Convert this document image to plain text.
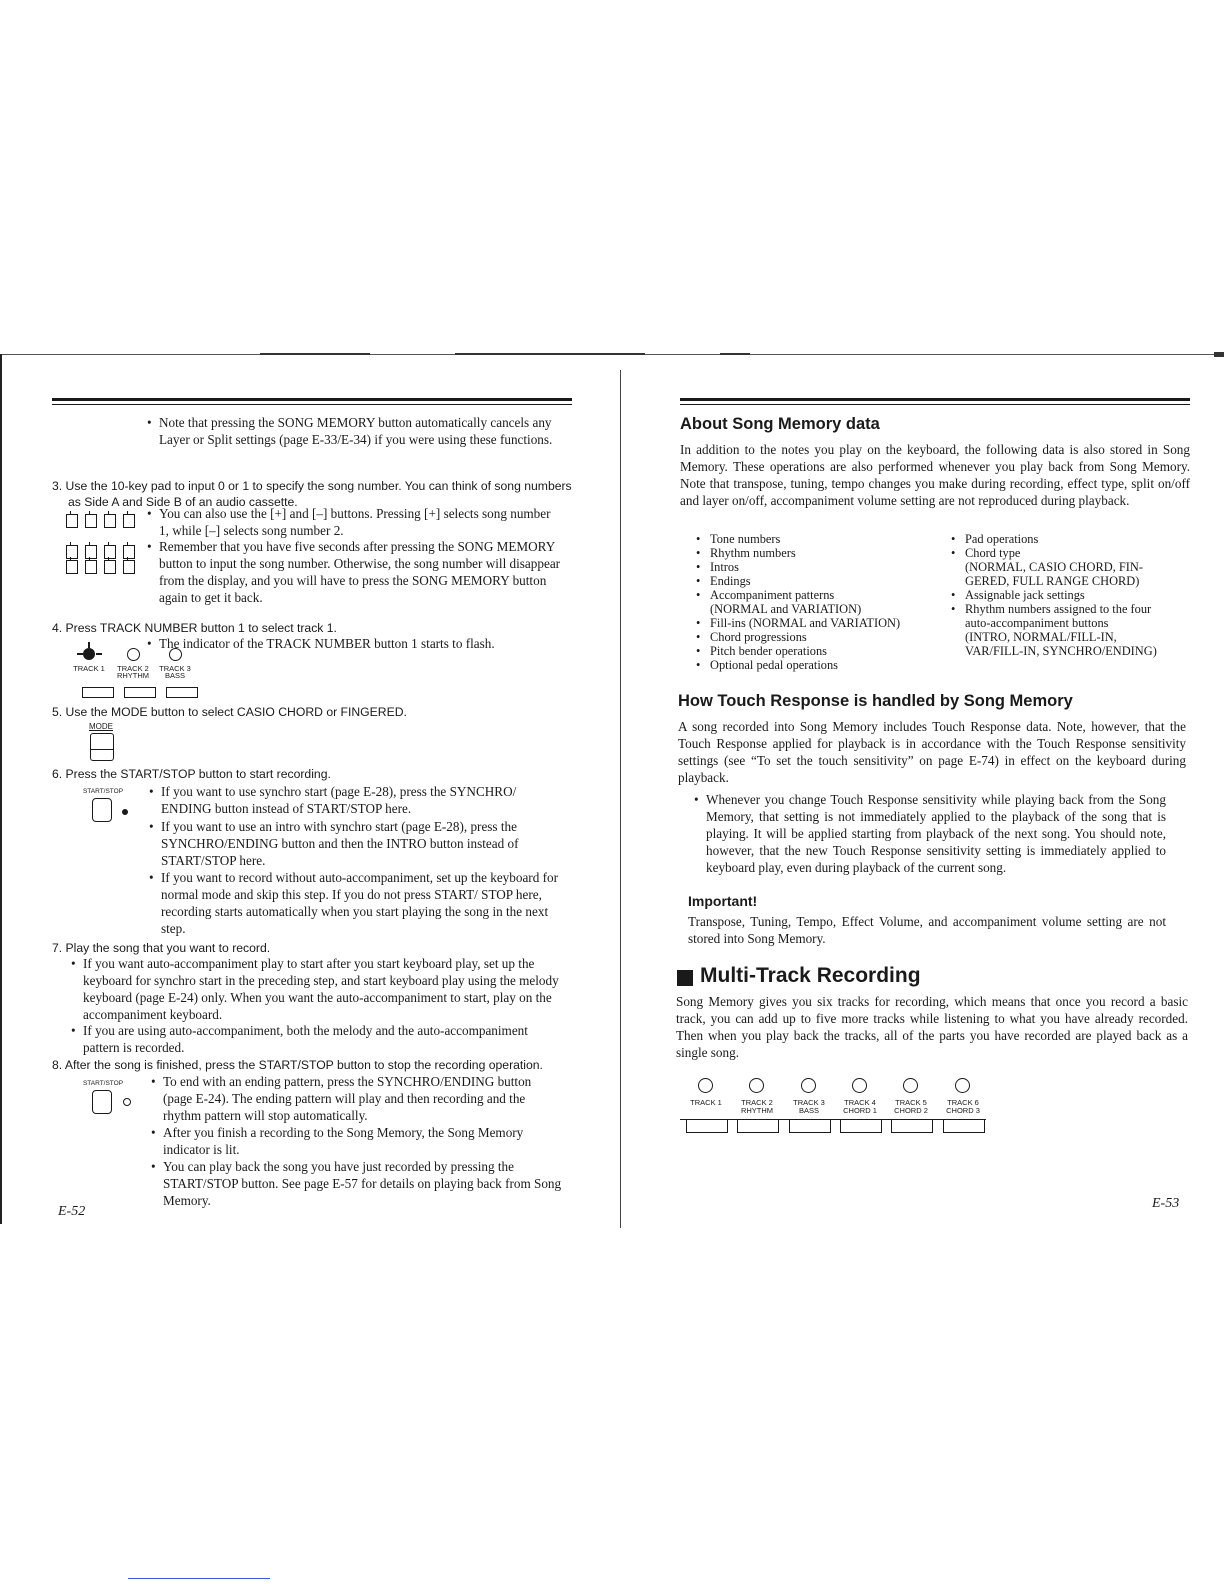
• Note that pressing the SONG MEMORY button automatically cancels any Layer or Split settings (page E-33/E-34) if you were using these functions.
3. Use the 10-key pad to input 0 or 1 to specify the song number. You can think of song numbers as Side A and Side B of an audio cassette.
• You can also use the [+] and [–] buttons. Pressing [+] selects song number 1, while [–] selects song number 2.
• Remember that you have five seconds after pressing the SONG MEMORY button to input the song number. Otherwise, the song number will disappear from the display, and you will have to press the SONG MEMORY button again to get it back.
4. Press TRACK NUMBER button 1 to select track 1.
• The indicator of the TRACK NUMBER button 1 starts to flash.
TRACK 1 TRACK 2
RHYTHM
TRACK 3
BASS
5. Use the MODE button to select CASIO CHORD or FINGERED.
MODE
6. Press the START/STOP button to start recording.
START/STOP • If you want to use synchro start (page E-28), press the SYNCHRO/ ENDING button instead of START/STOP here.
• If you want to use an intro with synchro start (page E-28), press the SYNCHRO/ENDING button and then the INTRO button instead of START/STOP here.
• If you want to record without auto-accompaniment, set up the keyboard for normal mode and skip this step. If you do not press START/ STOP here, recording starts automatically when you start playing the song in the next step.
7. Play the song that you want to record.
• If you want auto-accompaniment play to start after you start keyboard play, set up the keyboard for synchro start in the preceding step, and start keyboard play using the melody keyboard (page E-24) only. When you want the auto-accompaniment to start, play on the accompaniment keyboard.
• If you are using auto-accompaniment, both the melody and the auto-accompaniment pattern is recorded.
8. After the song is finished, press the START/STOP button to stop the recording operation.
START/STOP • To end with an ending pattern, press the SYNCHRO/ENDING button (page E-24). The ending pattern will play and then recording and the rhythm pattern will stop automatically.
• After you finish a recording to the Song Memory, the Song Memory indicator is lit.
• You can play back the song you have just recorded by pressing the START/STOP button. See page E-57 for details on playing back from Song Memory.
E-52
About Song Memory data
In addition to the notes you play on the keyboard, the following data is also stored in Song Memory. These operations are also performed whenever you play back from Song Memory. Note that transpose, tuning, tempo changes you make during recording, effect type, split on/off and layer on/off, accompaniment volume setting are not reproduced during playback.
• Tone numbers
• Rhythm numbers
• Intros
• Endings
• Accompaniment patterns
(NORMAL and VARIATION)
• Fill-ins (NORMAL and VARIATION)
• Chord progressions
• Pitch bender operations
• Optional pedal operations
• Pad operations
• Chord type
(NORMAL, CASIO CHORD, FIN-
GERED, FULL RANGE CHORD)
• Assignable jack settings
• Rhythm numbers assigned to the four
auto-accompaniment buttons
(INTRO, NORMAL/FILL-IN,
VAR/FILL-IN, SYNCHRO/ENDING)
How Touch Response is handled by Song Memory
A song recorded into Song Memory includes Touch Response data. Note, however, that the Touch Response applied for playback is in accordance with the Touch Response sensitivity settings (see “To set the touch sensitivity” on page E-74) in effect on the keyboard during playback.
• Whenever you change Touch Response sensitivity while playing back from the Song Memory, that setting is not immediately applied to the playback of the song that is playing. It will be applied starting from playback of the next song. You should note, however, that the new Touch Response sensitivity setting is immediately applied to keyboard play, even during playback of the current song.
Important!
Transpose, Tuning, Tempo, Effect Volume, and accompaniment volume setting are not stored into Song Memory.
Multi-Track Recording
Song Memory gives you six tracks for recording, which means that once you record a basic track, you can add up to five more tracks while listening to what you have already recorded. Then when you play back the tracks, all of the parts you have recorded are played back as a single song.
TRACK 1	TRACK 2
RHYTHM
TRACK 3
BASS
TRACK 4
CHORD 1
TRACK 5
CHORD 2
TRACK 6
CHORD 3
E-53
